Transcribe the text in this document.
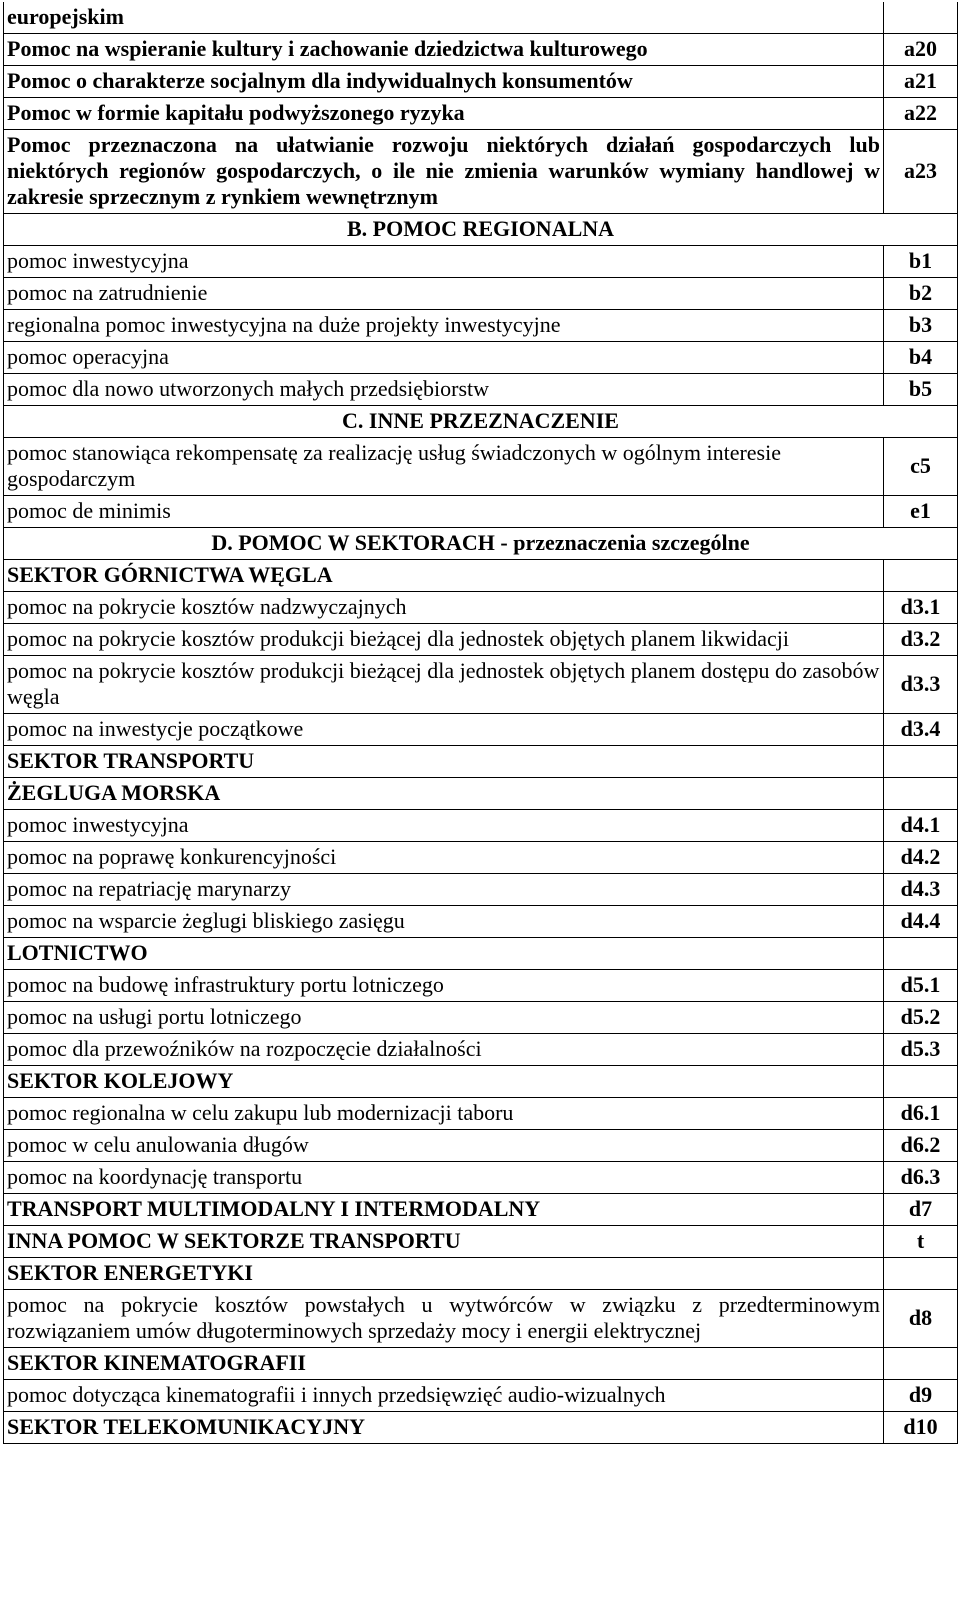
europejskim	
Pomoc na wspieranie kultury i zachowanie dziedzictwa kulturowego	a20
Pomoc o charakterze socjalnym dla indywidualnych konsumentów	a21
Pomoc w formie kapitału podwyższonego ryzyka	a22
Pomoc przeznaczona na ułatwianie rozwoju niektórych działań gospodarczych lub niektórych regionów gospodarczych, o ile nie zmienia warunków wymiany handlowej w zakresie sprzecznym z rynkiem wewnętrznym	a23
B. POMOC REGIONALNA	
pomoc inwestycyjna	b1
pomoc na zatrudnienie	b2
regionalna pomoc inwestycyjna na duże projekty inwestycyjne	b3
pomoc operacyjna	b4
pomoc dla nowo utworzonych małych przedsiębiorstw	b5
C. INNE PRZEZNACZENIE	
pomoc stanowiąca rekompensatę za realizację usług świadczonych w ogólnym interesie gospodarczym	c5
pomoc de minimis	e1
D. POMOC W SEKTORACH - przeznaczenia szczególne	
SEKTOR GÓRNICTWA WĘGLA	
pomoc na pokrycie kosztów nadzwyczajnych	d3.1
pomoc na pokrycie kosztów produkcji bieżącej dla jednostek objętych planem likwidacji	d3.2
pomoc na pokrycie kosztów produkcji bieżącej dla jednostek objętych planem dostępu do zasobów węgla	d3.3
pomoc na inwestycje początkowe	d3.4
SEKTOR TRANSPORTU	
ŻEGLUGA MORSKA	
pomoc inwestycyjna	d4.1
pomoc na poprawę konkurencyjności	d4.2
pomoc na repatriację marynarzy	d4.3
pomoc na wsparcie żeglugi bliskiego zasięgu	d4.4
LOTNICTWO	
pomoc na budowę infrastruktury portu lotniczego	d5.1
pomoc na usługi portu lotniczego	d5.2
pomoc dla przewoźników na rozpoczęcie działalności	d5.3
SEKTOR KOLEJOWY	
pomoc regionalna w celu zakupu lub modernizacji taboru	d6.1
pomoc w celu anulowania długów	d6.2
pomoc na koordynację transportu	d6.3
TRANSPORT MULTIMODALNY I INTERMODALNY	d7
INNA POMOC W SEKTORZE TRANSPORTU	t
SEKTOR ENERGETYKI	
pomoc na pokrycie kosztów powstałych u wytwórców w związku z przedterminowym rozwiązaniem umów długoterminowych sprzedaży mocy i energii elektrycznej	d8
SEKTOR KINEMATOGRAFII	
pomoc dotycząca kinematografii i innych przedsięwzięć audio-wizualnych	d9
SEKTOR TELEKOMUNIKACYJNY	d10
